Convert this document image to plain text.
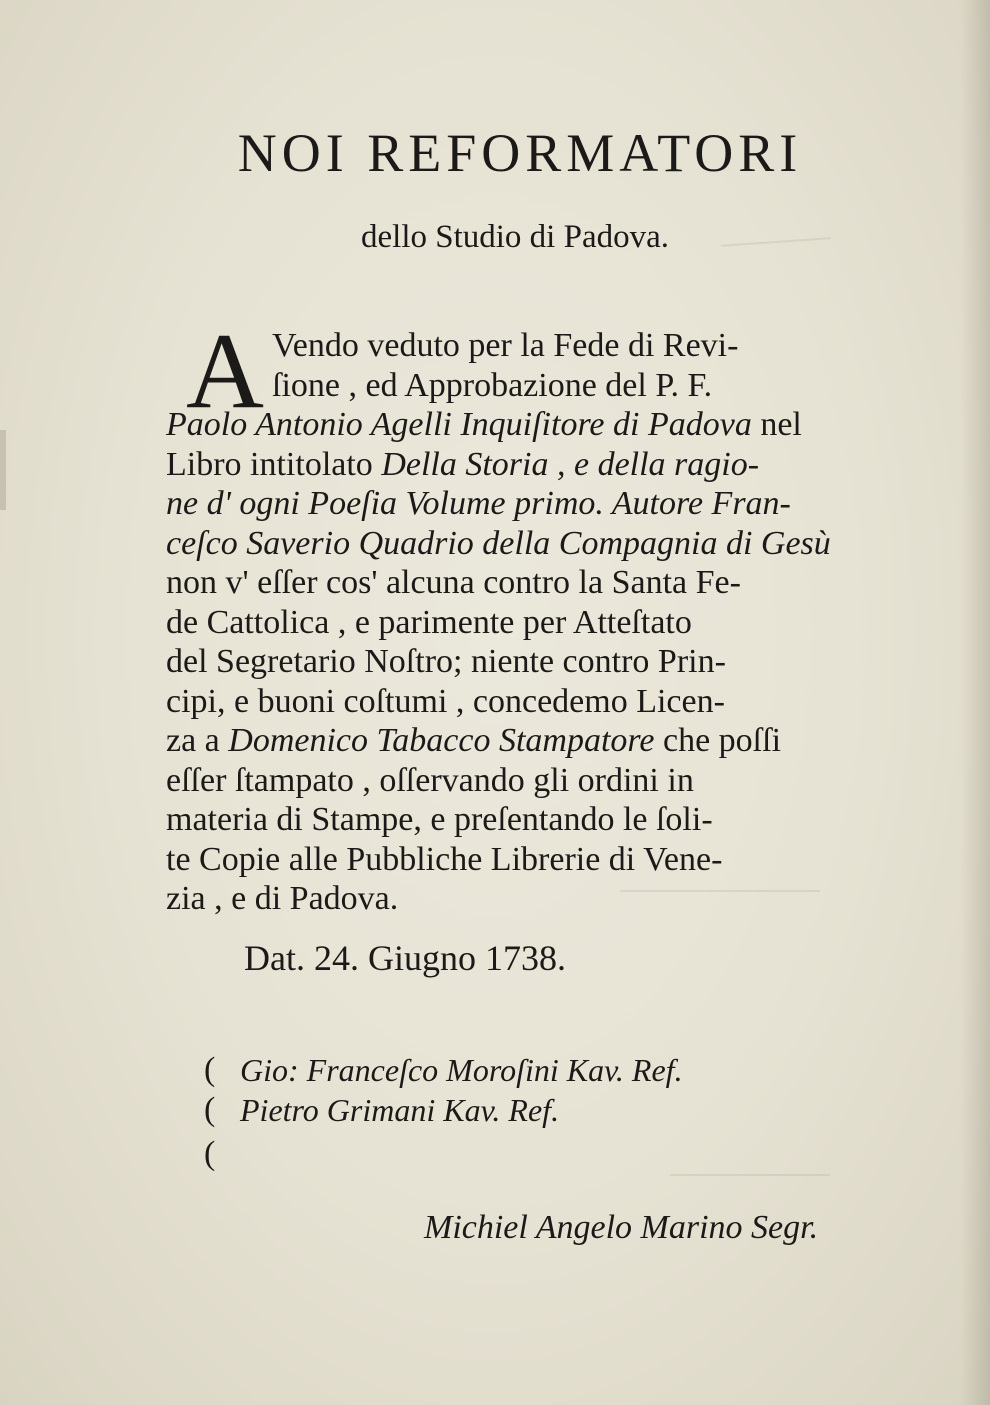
NOI REFORMATORI
dello Studio di Padova.
A Vendo veduto per la Fede di Revi-
ſione , ed Approbazione del P. F.
Paolo Antonio Agelli Inquiſitore di Padova nel
Libro intitolato Della Storia , e della ragio-
ne d' ogni Poeſia Volume primo. Autore Fran-
ceſco Saverio Quadrio della Compagnia di Gesù
non v' eſſer cos' alcuna contro la Santa Fe-
de Cattolica , e parimente per Atteſtato
del Segretario Noſtro; niente contro Prin-
cipi, e buoni coſtumi , concedemo Licen-
za a Domenico Tabacco Stampatore che poſſi
eſſer ſtampato , oſſervando gli ordini in
materia di Stampe, e preſentando le ſoli-
te Copie alle Pubbliche Librerie di Vene-
zia , e di Padova.
Dat. 24. Giugno 1738.
(
(
(
Gio: Franceſco Moroſini Kav. Ref.
Pietro Grimani Kav. Ref.
Michiel Angelo Marino Segr.
